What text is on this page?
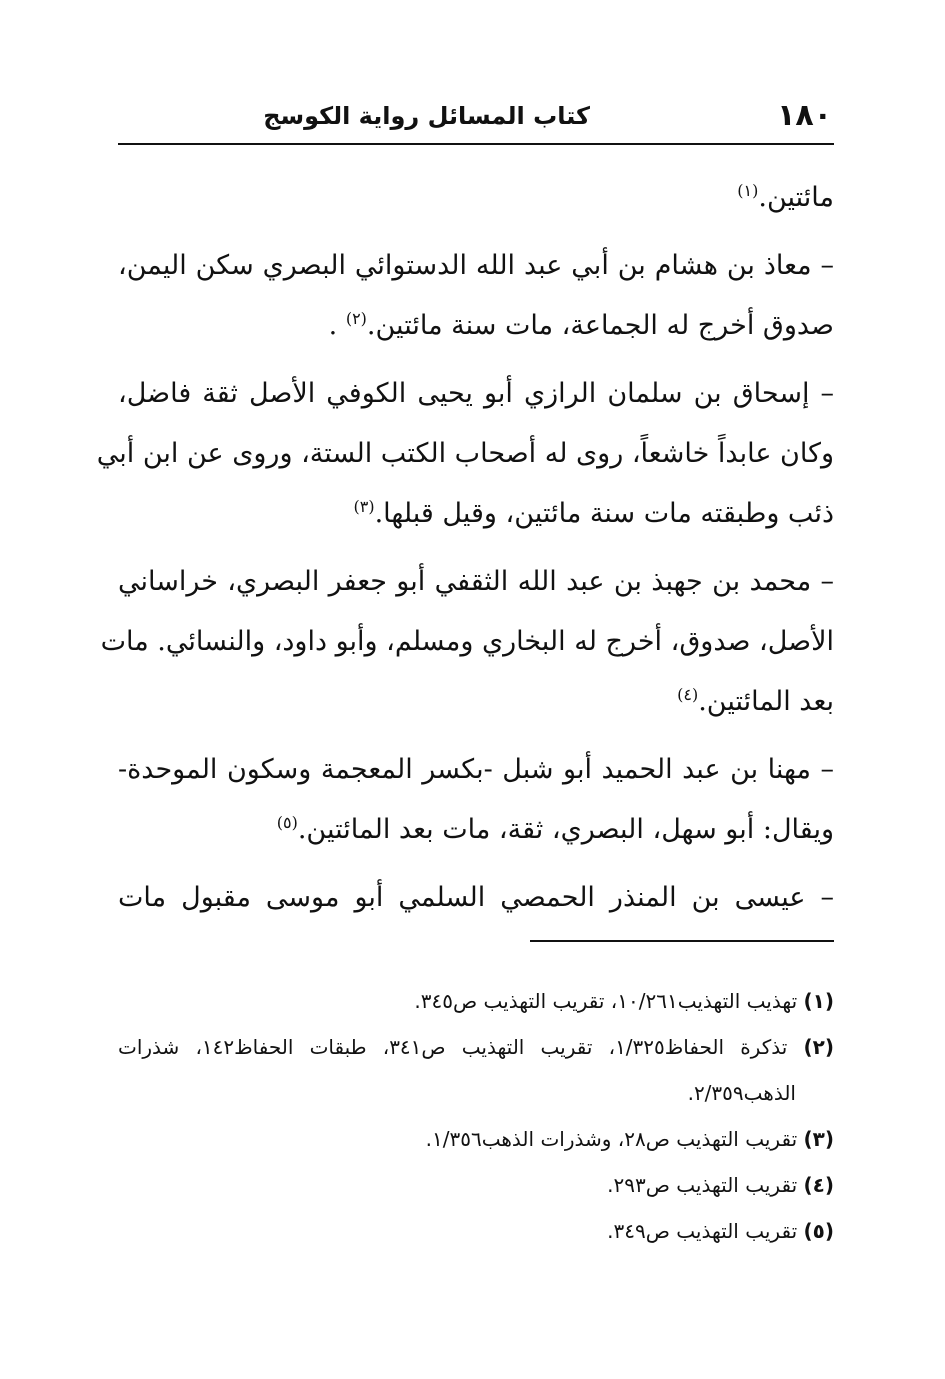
١٨٠
كتاب المسائل رواية الكوسج
مائتين.$^{(١)}$
– معاذ بن هشام بن أبي عبد الله الدستوائي البصري سكن اليمن،
صدوق أخرج له الجماعة، مات سنة مائتين.$^{(٢)}$ .
– إسحاق بن سلمان الرازي أبو يحيى الكوفي الأصل ثقة فاضل،
وكان عابداً خاشعاً، روى له أصحاب الكتب الستة، وروى عن ابن أبي
ذئب وطبقته مات سنة مائتين، وقيل قبلها.$^{(٣)}$
– محمد بن جهبذ بن عبد الله الثقفي أبو جعفر البصري، خراساني
الأصل، صدوق، أخرج له البخاري ومسلم، وأبو داود، والنسائي. مات
بعد المائتين.$^{(٤)}$
– مهنا بن عبد الحميد أبو شبل -بكسر المعجمة وسكون الموحدة-
ويقال: أبو سهل، البصري، ثقة، مات بعد المائتين.$^{(٥)}$
– عيسى بن المنذر الحمصي السلمي أبو موسى مقبول مات
(١) تهذيب التهذيب١٠/٢٦١، تقريب التهذيب ص٣٤٥.
(٢) تذكرة الحفاظ١/٣٢٥، تقريب التهذيب ص٣٤١، طبقات الحفاظ١٤٢، شذرات
الذهب٢/٣٥٩.
(٣) تقريب التهذيب ص٢٨، وشذرات الذهب١/٣٥٦.
(٤) تقريب التهذيب ص٢٩٣.
(٥) تقريب التهذيب ص٣٤٩.
